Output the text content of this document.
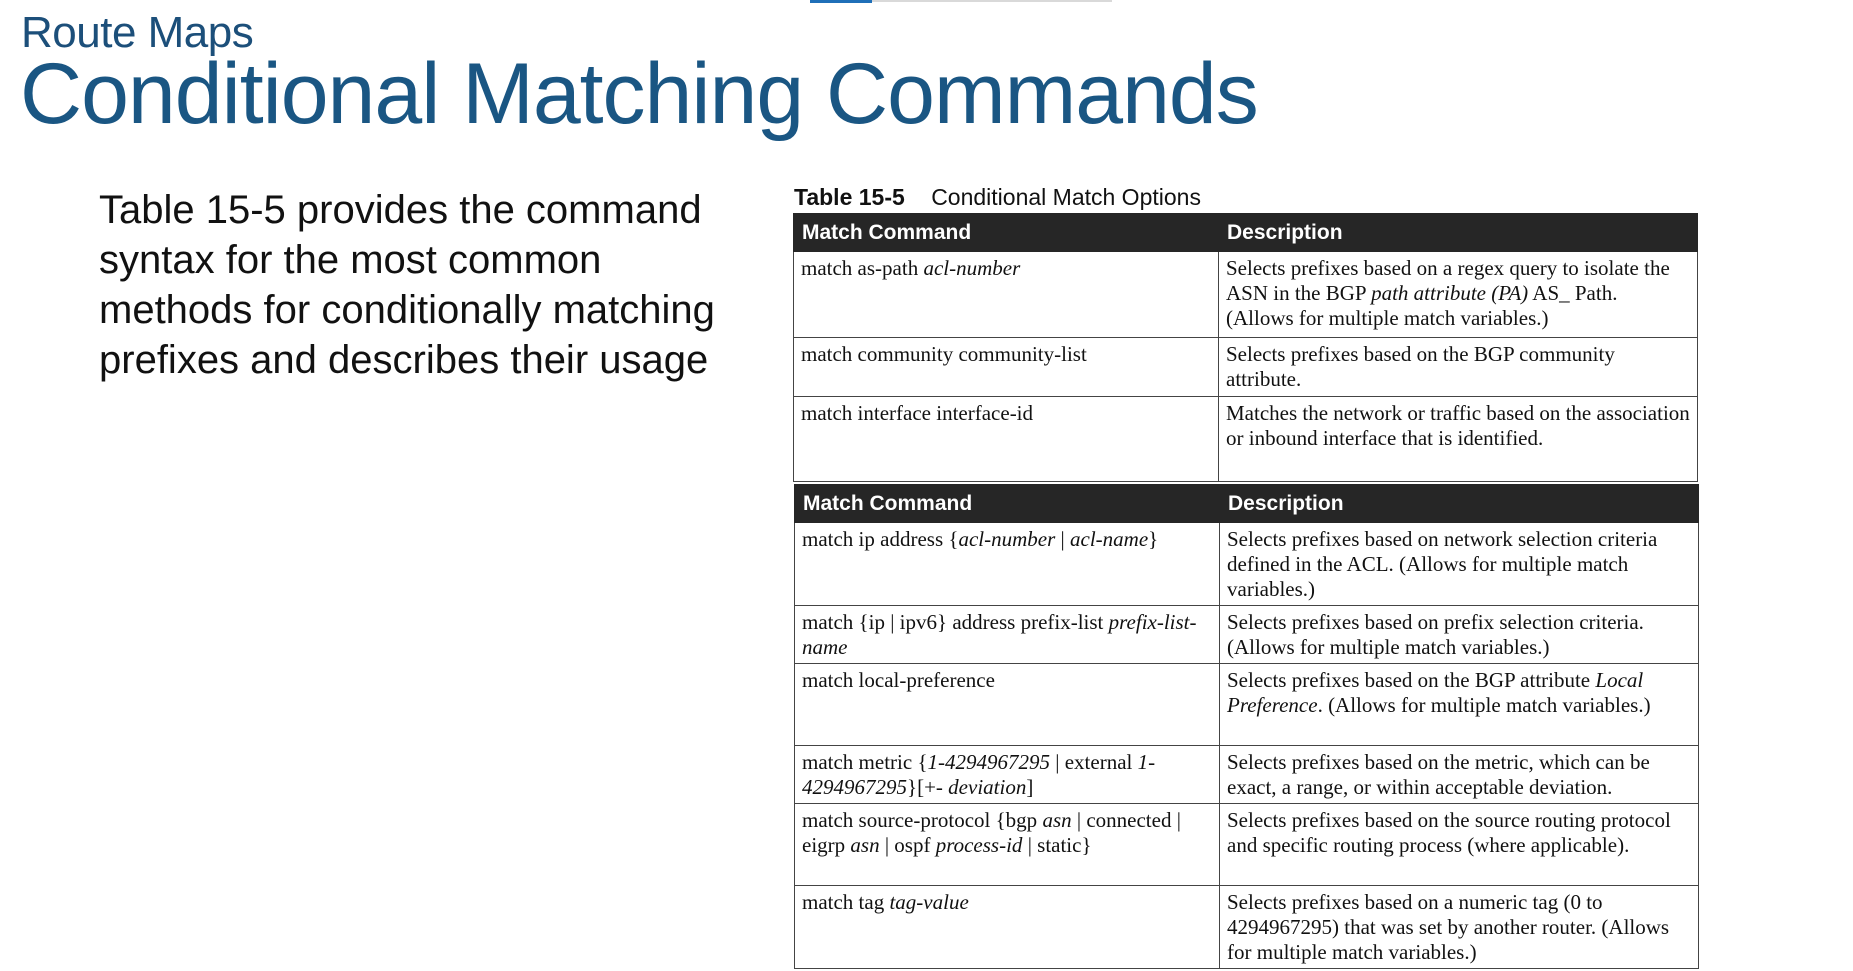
Route Maps
Conditional Matching Commands
Table 15-5 provides the command syntax for the most common methods for conditionally matching prefixes and describes their usage
Table 15-5 Conditional Match Options
Match Command	Description
match as-path acl-number	Selects prefixes based on a regex query to isolate the ASN in the BGP path attribute (PA) AS_ Path. (Allows for multiple match variables.)
match community community-list	Selects prefixes based on the BGP community attribute.
match interface interface-id	Matches the network or traffic based on the association or inbound interface that is identified.
Match Command	Description
match ip address {acl-number | acl-name}	Selects prefixes based on network selection criteria defined in the ACL. (Allows for multiple match variables.)
match {ip | ipv6} address prefix-list prefix-list-name	Selects prefixes based on prefix selection criteria. (Allows for multiple match variables.)
match local-preference	Selects prefixes based on the BGP attribute Local Preference. (Allows for multiple match variables.)
match metric {1-4294967295 | external 1-4294967295}[+- deviation]	Selects prefixes based on the metric, which can be exact, a range, or within acceptable deviation.
match source-protocol {bgp asn | connected | eigrp asn | ospf process-id | static}	Selects prefixes based on the source routing protocol and specific routing process (where applicable).
match tag tag-value	Selects prefixes based on a numeric tag (0 to 4294967295) that was set by another router. (Allows for multiple match variables.)
